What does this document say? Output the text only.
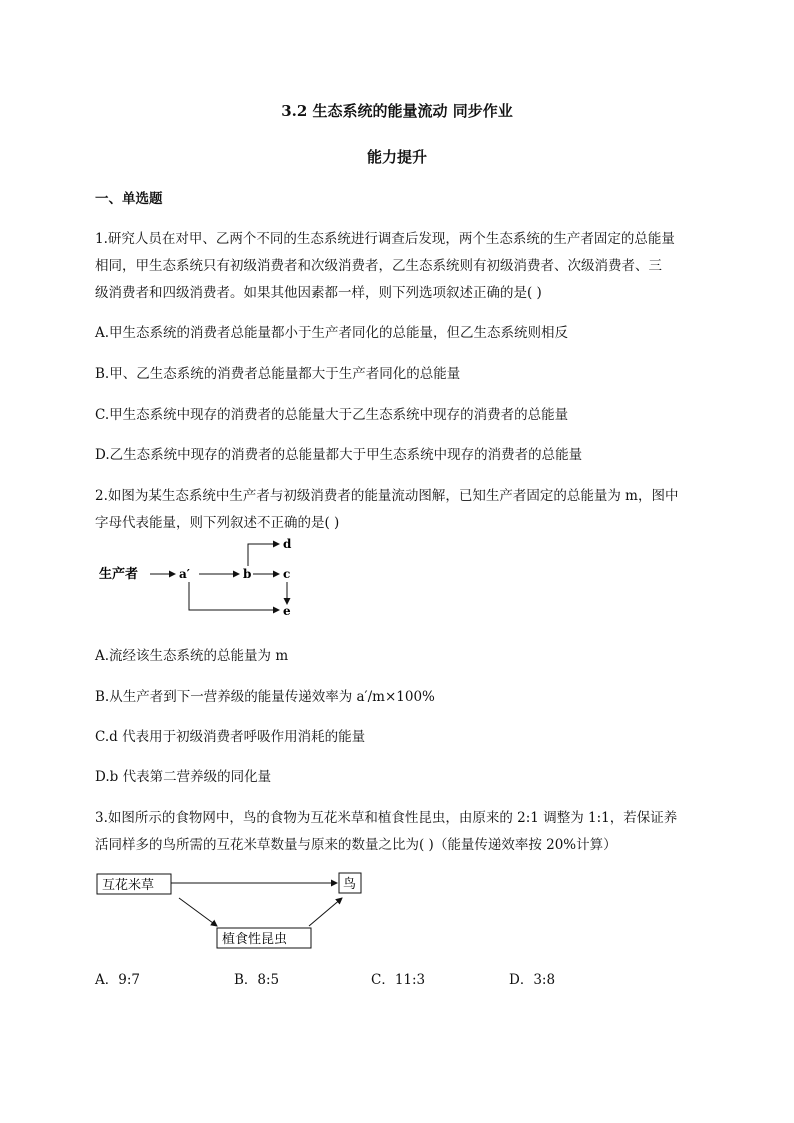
3.2 生态系统的能量流动 同步作业
能力提升
一、单选题
1.研究人员在对甲、乙两个不同的生态系统进行调查后发现，两个生态系统的生产者固定的总能量
相同，甲生态系统只有初级消费者和次级消费者，乙生态系统则有初级消费者、次级消费者、三
级消费者和四级消费者。如果其他因素都一样，则下列选项叙述正确的是( )
A.甲生态系统的消费者总能量都小于生产者同化的总能量，但乙生态系统则相反
B.甲、乙生态系统的消费者总能量都大于生产者同化的总能量
C.甲生态系统中现存的消费者的总能量大于乙生态系统中现存的消费者的总能量
D.乙生态系统中现存的消费者的总能量都大于甲生态系统中现存的消费者的总能量
2.如图为某生态系统中生产者与初级消费者的能量流动图解，已知生产者固定的总能量为 m，图中
字母代表能量，则下列叙述不正确的是( )
生产者	a′	b	c
d
e
A.流经该生态系统的总能量为 m
B.从生产者到下一营养级的能量传递效率为 a′/m×100%
C.d 代表用于初级消费者呼吸作用消耗的能量
D.b 代表第二营养级的同化量
3.如图所示的食物网中，鸟的食物为互花米草和植食性昆虫，由原来的 2:1 调整为 1:1，若保证养
活同样多的鸟所需的互花米草数量与原来的数量之比为( )（能量传递效率按 20%计算）
互花米草	鸟
植食性昆虫
A．9:7	B．8:5	C．11:3	D．3:8
